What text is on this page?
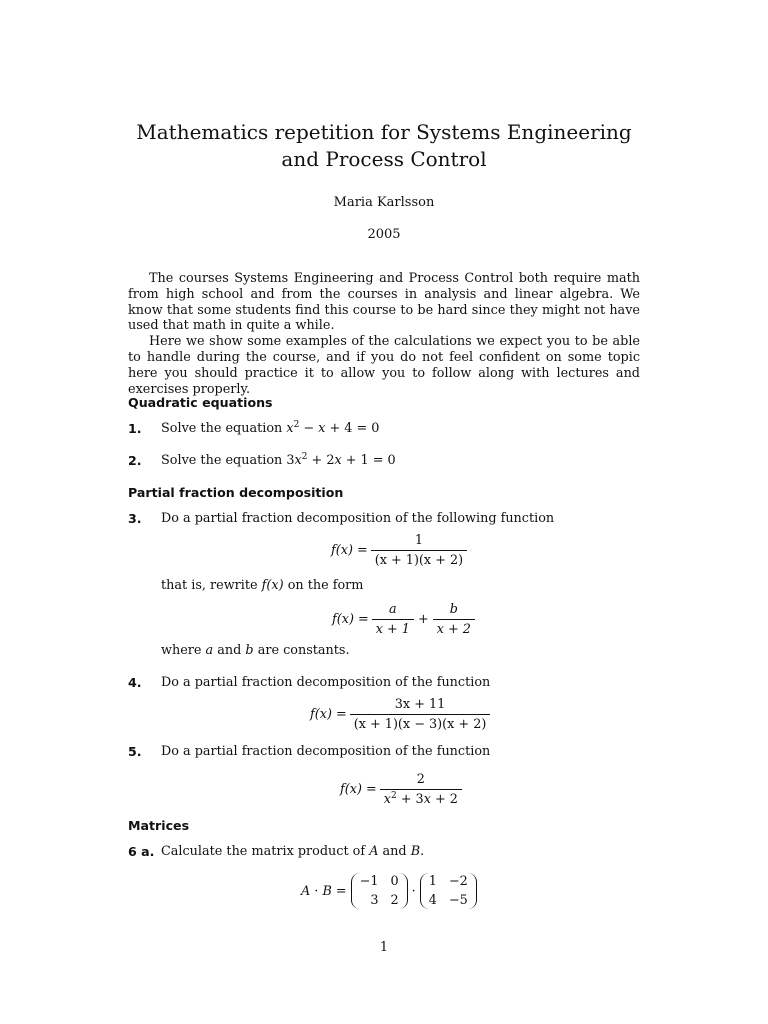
Mathematics repetition for Systems Engineering
and Process Control
Maria Karlsson
2005

The courses Systems Engineering and Process Control both require math from high school and from the courses in analysis and linear algebra. We know that some students find this course to be hard since they might not have used that math in quite a while.

Here we show some examples of the calculations we expect you to be able to handle during the course, and if you do not feel confident on some topic here you should practice it to allow you to follow along with lectures and exercises properly.

Quadratic equations
1. Solve the equation $x^2 - x + 4 = 0$
2. Solve the equation $3x^2 + 2x + 1 = 0$
Partial fraction decomposition
3. Do a partial fraction decomposition of the following function
$f(x) = \frac{1}{(x + 1)(x + 2)}$
that is, rewrite f(x) on the form
$f(x) = \frac{a}{x + 1} + \frac{b}{x + 2}$
where a and b are constants.
4. Do a partial fraction decomposition of the function
$f(x) = \frac{3x + 11}{(x + 1)(x - 3)(x + 2)}$
5. Do a partial fraction decomposition of the function
$f(x) = \frac{2}{x^2 + 3x + 2}$
Matrices
6 a. Calculate the matrix product of A and B.
A · B =
−1 0
3 2
·
1 −2
4 −5
1
